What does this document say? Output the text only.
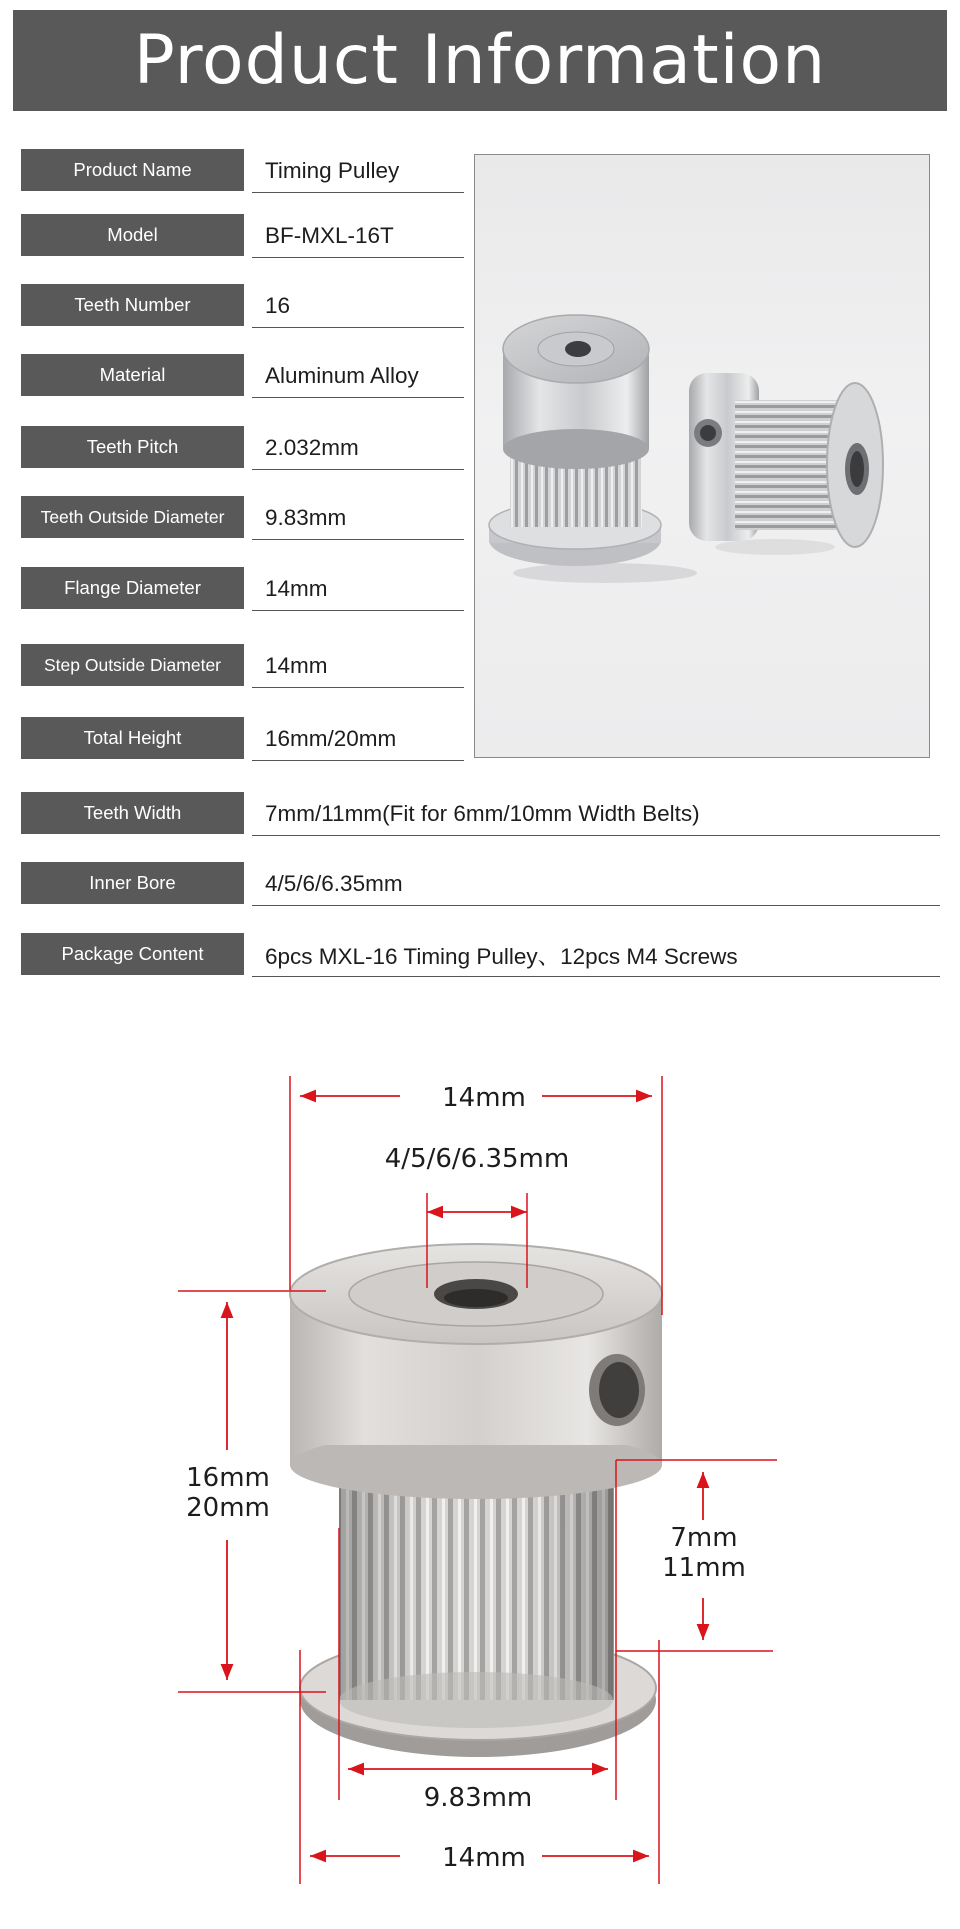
Product Information
Product Name	Timing Pulley
Model	BF-MXL-16T
Teeth Number	16
Material	Aluminum Alloy
Teeth Pitch	2.032mm
Teeth Outside Diameter	9.83mm
Flange Diameter	14mm
Step Outside Diameter	14mm
Total Height	16mm/20mm
Teeth Width	7mm/11mm(Fit for 6mm/10mm Width Belts)
Inner Bore	4/5/6/6.35mm
Package Content	6pcs MXL-16 Timing Pulley、12pcs M4 Screws
14mm
4/5/6/6.35mm
16mm
20mm
7mm
11mm
9.83mm
14mm
